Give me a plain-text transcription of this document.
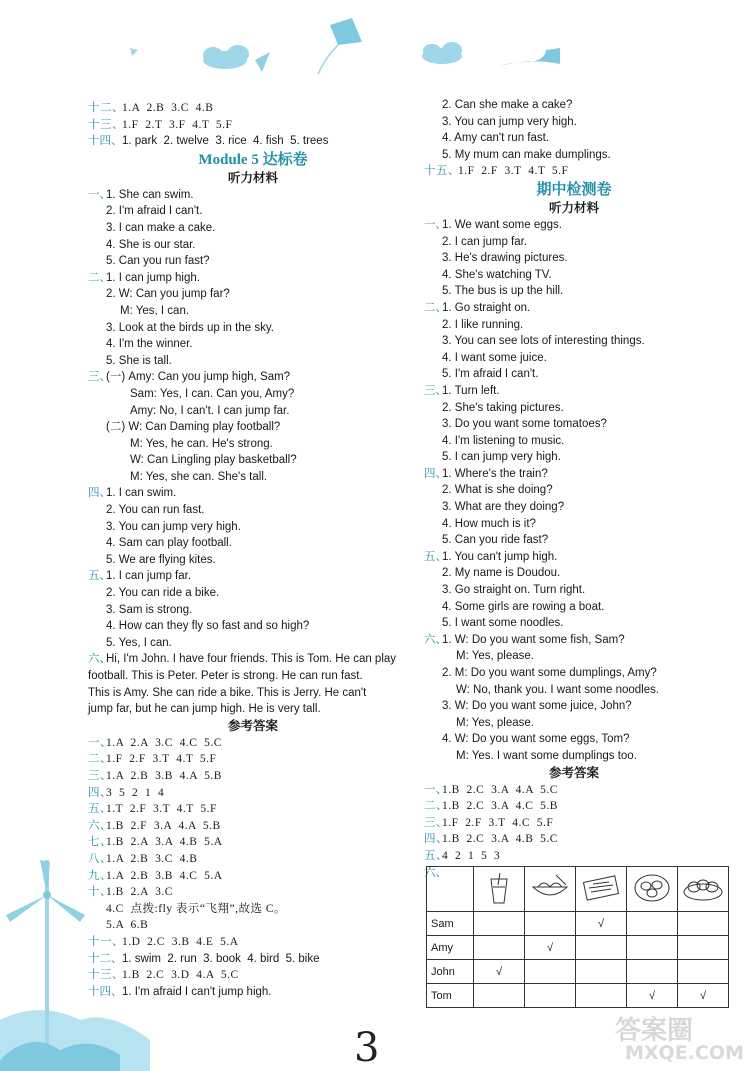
十二、1.A  2.B  3.C  4.B
十三、1.F  2.T  3.F  4.T  5.F
十四、1. park  2. twelve  3. rice  4. fish  5. trees
Module 5 达标卷
听力材料
一、1. She can swim.
2. I'm afraid I can't.
3. I can make a cake.
4. She is our star.
5. Can you run fast?
二、1. I can jump high.
2. W: Can you jump far?
M: Yes, I can.
3. Look at the birds up in the sky.
4. I'm the winner.
5. She is tall.
三、(一) Amy: Can you jump high, Sam?
Sam: Yes, I can. Can you, Amy?
Amy: No, I can't. I can jump far.
(二) W: Can Daming play football?
M: Yes, he can. He's strong.
W: Can Lingling play basketball?
M: Yes, she can. She's tall.
四、1. I can swim.
2. You can run fast.
3. You can jump very high.
4. Sam can play football.
5. We are flying kites.
五、1. I can jump far.
2. You can ride a bike.
3. Sam is strong.
4. How can they fly so fast and so high?
5. Yes, I can.
六、Hi, I'm John. I have four friends. This is Tom. He can play
football. This is Peter. Peter is strong. He can run fast.
This is Amy. She can ride a bike. This is Jerry. He can't
jump far, but he can jump high. He is very tall.
参考答案
一、1.A  2.A  3.C  4.C  5.C
二、1.F  2.F  3.T  4.T  5.F
三、1.A  2.B  3.B  4.A  5.B
四、3  5  2  1  4
五、1.T  2.F  3.T  4.T  5.F
六、1.B  2.F  3.A  4.A  5.B
七、1.B  2.A  3.A  4.B  5.A
八、1.A  2.B  3.C  4.B
九、1.A  2.B  3.B  4.C  5.A
十、1.B  2.A  3.C
4.C  点拨:fly 表示“飞翔”,故选 C。
5.A  6.B
十一、1.D  2.C  3.B  4.E  5.A
十二、1. swim  2. run  3. book  4. bird  5. bike
十三、1.B  2.C  3.D  4.A  5.C
十四、1. I'm afraid I can't jump high.
2. Can she make a cake?
3. You can jump very high.
4. Amy can't run fast.
5. My mum can make dumplings.
十五、1.F  2.F  3.T  4.T  5.F
期中检测卷
听力材料
一、1. We want some eggs.
2. I can jump far.
3. He's drawing pictures.
4. She's watching TV.
5. The bus is up the hill.
二、1. Go straight on.
2. I like running.
3. You can see lots of interesting things.
4. I want some juice.
5. I'm afraid I can't.
三、1. Turn left.
2. She's taking pictures.
3. Do you want some tomatoes?
4. I'm listening to music.
5. I can jump very high.
四、1. Where's the train?
2. What is she doing?
3. What are they doing?
4. How much is it?
5. Can you ride fast?
五、1. You can't jump high.
2. My name is Doudou.
3. Go straight on. Turn right.
4. Some girls are rowing a boat.
5. I want some noodles.
六、1. W: Do you want some fish, Sam?
M: Yes, please.
2. M: Do you want some dumplings, Amy?
W: No, thank you. I want some noodles.
3. W: Do you want some juice, John?
M: Yes, please.
4. W: Do you want some eggs, Tom?
M: Yes. I want some dumplings too.
参考答案
一、1.B  2.C  3.A  4.A  5.C
二、1.B  2.C  3.A  4.C  5.B
三、1.F  2.F  3.T  4.C  5.F
四、1.B  2.C  3.A  4.B  5.C
五、4  2  1  5  3
六、

Sam			√		
Amy		√			
John	√				
Tom				√	√
3	答案圈
MXQE.COM
